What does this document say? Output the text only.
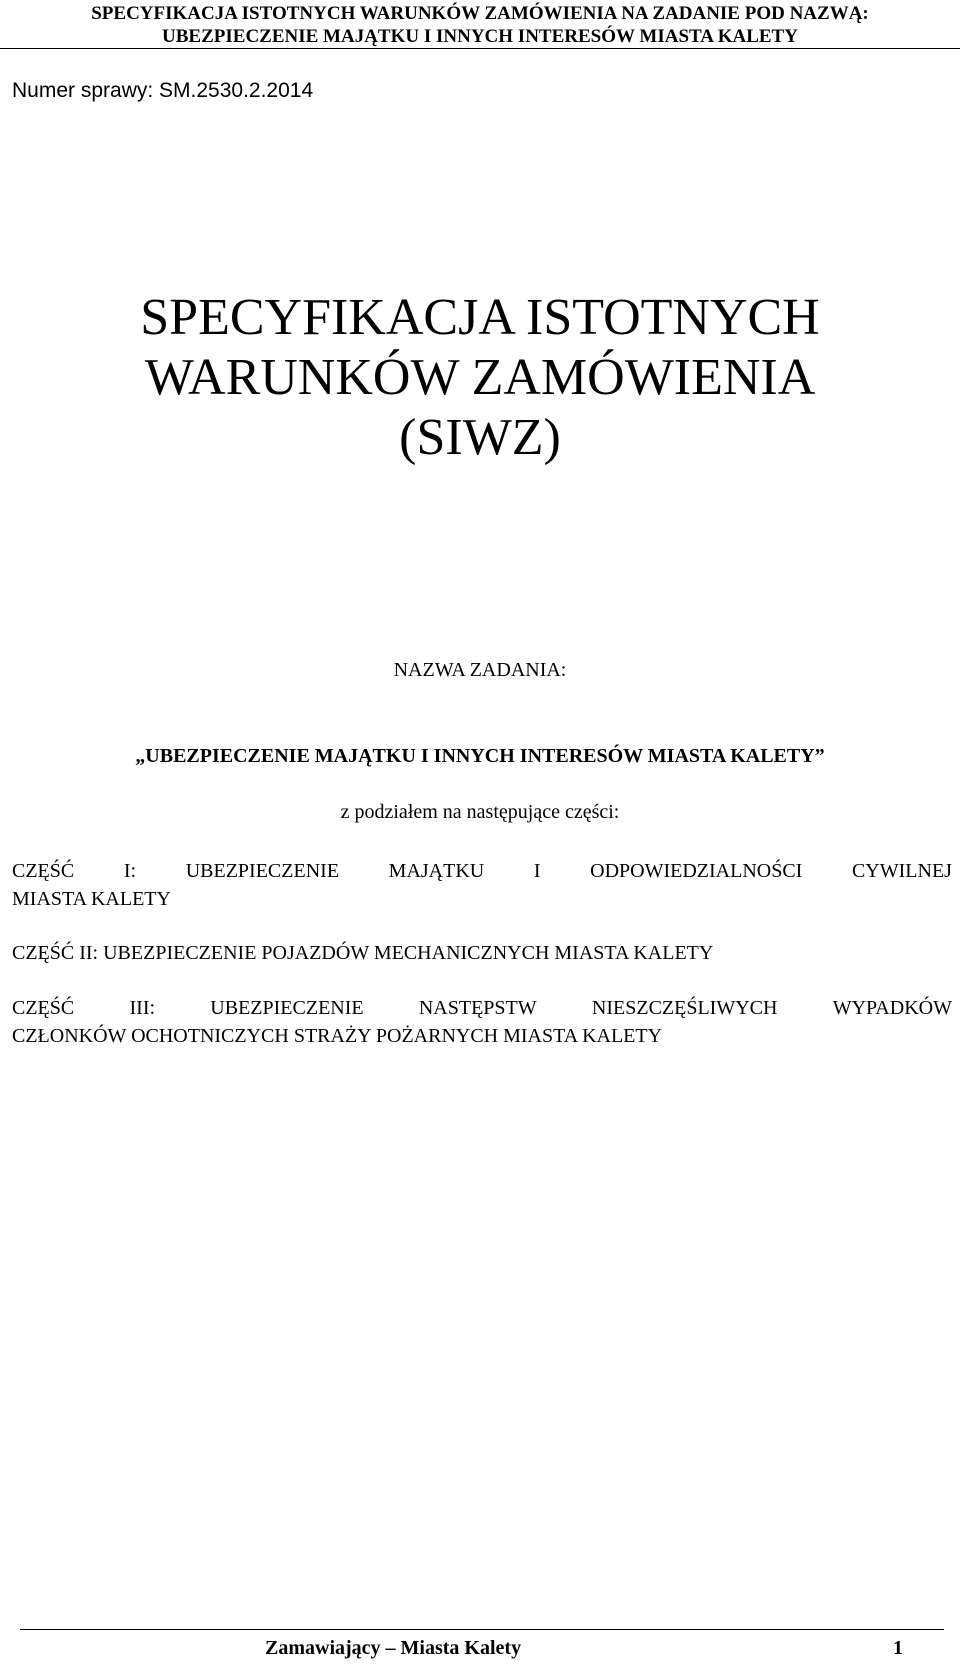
SPECYFIKACJA ISTOTNYCH WARUNKÓW ZAMÓWIENIA NA ZADANIE POD NAZWĄ:
UBEZPIECZENIE MAJĄTKU I INNYCH INTERESÓW MIASTA KALETY
Numer sprawy: SM.2530.2.2014
SPECYFIKACJA ISTOTNYCH
WARUNKÓW ZAMÓWIENIA
(SIWZ)
NAZWA ZADANIA:
„UBEZPIECZENIE MAJĄTKU I INNYCH INTERESÓW MIASTA KALETY”
z podziałem na następujące części:
CZĘŚĆ I: UBEZPIECZENIE MAJĄTKU I ODPOWIEDZIALNOŚCI CYWILNEJ
MIASTA KALETY
CZĘŚĆ II: UBEZPIECZENIE POJAZDÓW MECHANICZNYCH MIASTA KALETY
CZĘŚĆ	III:	UBEZPIECZENIE	NASTĘPSTW	NIESZCZĘŚLIWYCH	WYPADKÓW
CZŁONKÓW OCHOTNICZYCH STRAŻY POŻARNYCH MIASTA KALETY
Zamawiający – Miasta Kalety	1
